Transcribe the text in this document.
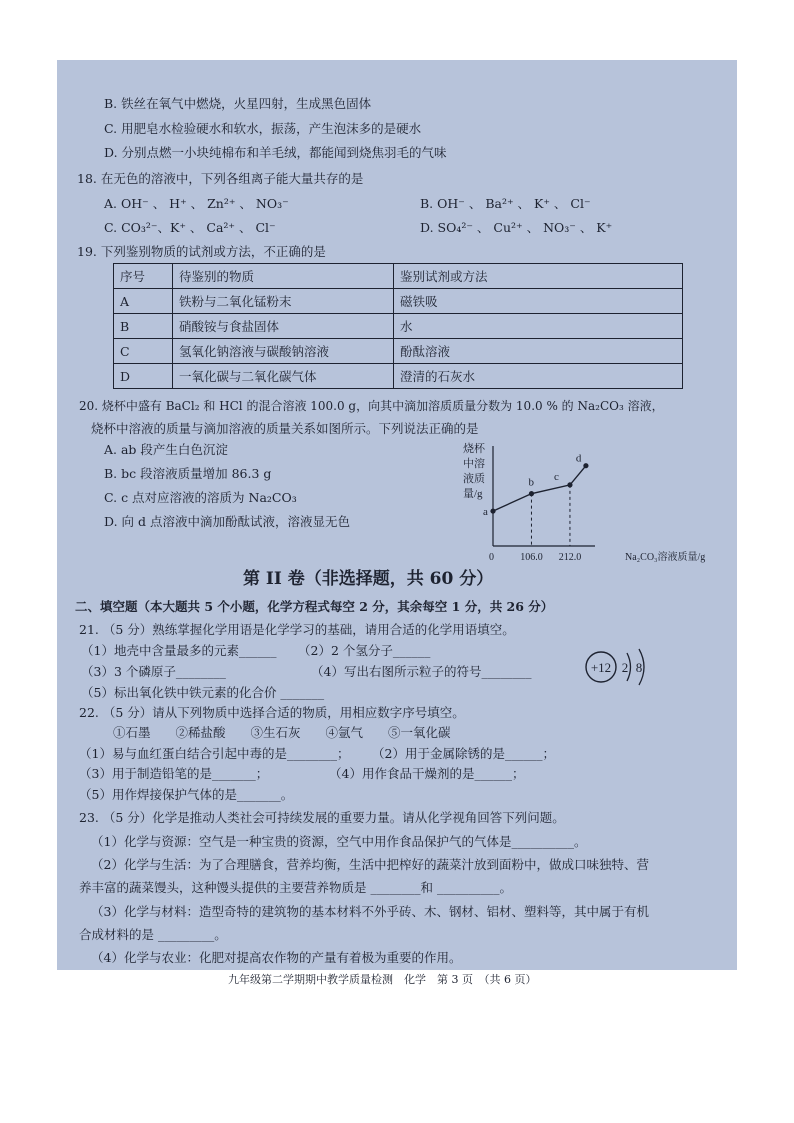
B. 铁丝在氧气中燃烧，火星四射，生成黑色固体
C. 用肥皂水检验硬水和软水，振荡，产生泡沫多的是硬水
D. 分别点燃一小块纯棉布和羊毛绒，都能闻到烧焦羽毛的气味
18. 在无色的溶液中，下列各组离子能大量共存的是
A. OH⁻ 、 H⁺ 、 Zn²⁺ 、 NO₃⁻	B. OH⁻ 、 Ba²⁺ 、 K⁺ 、 Cl⁻
C. CO₃²⁻、K⁺ 、 Ca²⁺ 、 Cl⁻	D. SO₄²⁻ 、 Cu²⁺ 、 NO₃⁻ 、 K⁺
19. 下列鉴别物质的试剂或方法，不正确的是
序号	待鉴别的物质	鉴别试剂或方法
A	铁粉与二氧化锰粉末	磁铁吸
B	硝酸铵与食盐固体	水
C	氢氧化钠溶液与碳酸钠溶液	酚酞溶液
D	一氧化碳与二氧化碳气体	澄清的石灰水
20. 烧杯中盛有 BaCl₂ 和 HCl 的混合溶液 100.0 g，向其中滴加溶质质量分数为 10.0 % 的 Na₂CO₃ 溶液，
烧杯中溶液的质量与滴加溶液的质量关系如图所示。下列说法正确的是
A. ab 段产生白色沉淀
B. bc 段溶液质量增加 86.3 g
C. c 点对应溶液的溶质为 Na₂CO₃
D. 向 d 点溶液中滴加酚酞试液，溶液显无色
烧杯
中溶
液质
量/g
0	106.0 212.0	Na₂CO₃溶液质量/g
a
b c
d
第 II 卷（非选择题，共 60 分）
二、填空题（本大题共 5 个小题，化学方程式每空 2 分，其余每空 1 分，共 26 分）
21. （5 分）熟练掌握化学用语是化学学习的基础，请用合适的化学用语填空。
（1）地壳中含量最多的元素______ （2）2 个氢分子______
（3）3 个磷原子________	（4）写出右图所示粒子的符号________
（5）标出氧化铁中铁元素的化合价 _______
+12 2 8
22. （5 分）请从下列物质中选择合适的物质，用相应数字序号填空。
①石墨　　②稀盐酸　　③生石灰　　④氩气　　⑤一氧化碳
（1）易与血红蛋白结合引起中毒的是________； （2）用于金属除锈的是______；
（3）用于制造铅笔的是_______；	（4）用作食品干燥剂的是______；
（5）用作焊接保护气体的是_______。
23. （5 分）化学是推动人类社会可持续发展的重要力量。请从化学视角回答下列问题。
（1）化学与资源：空气是一种宝贵的资源，空气中用作食品保护气的气体是__________。
（2）化学与生活：为了合理膳食，营养均衡，生活中把榨好的蔬菜汁放到面粉中，做成口味独特、营
养丰富的蔬菜馒头，这种馒头提供的主要营养物质是 ________和 __________。
（3）化学与材料：造型奇特的建筑物的基本材料不外乎砖、木、钢材、铝材、塑料等，其中属于有机
合成材料的是 _________。
（4）化学与农业：化肥对提高农作物的产量有着极为重要的作用。
九年级第二学期期中教学质量检测　化学　第 3 页　（共 6 页）
